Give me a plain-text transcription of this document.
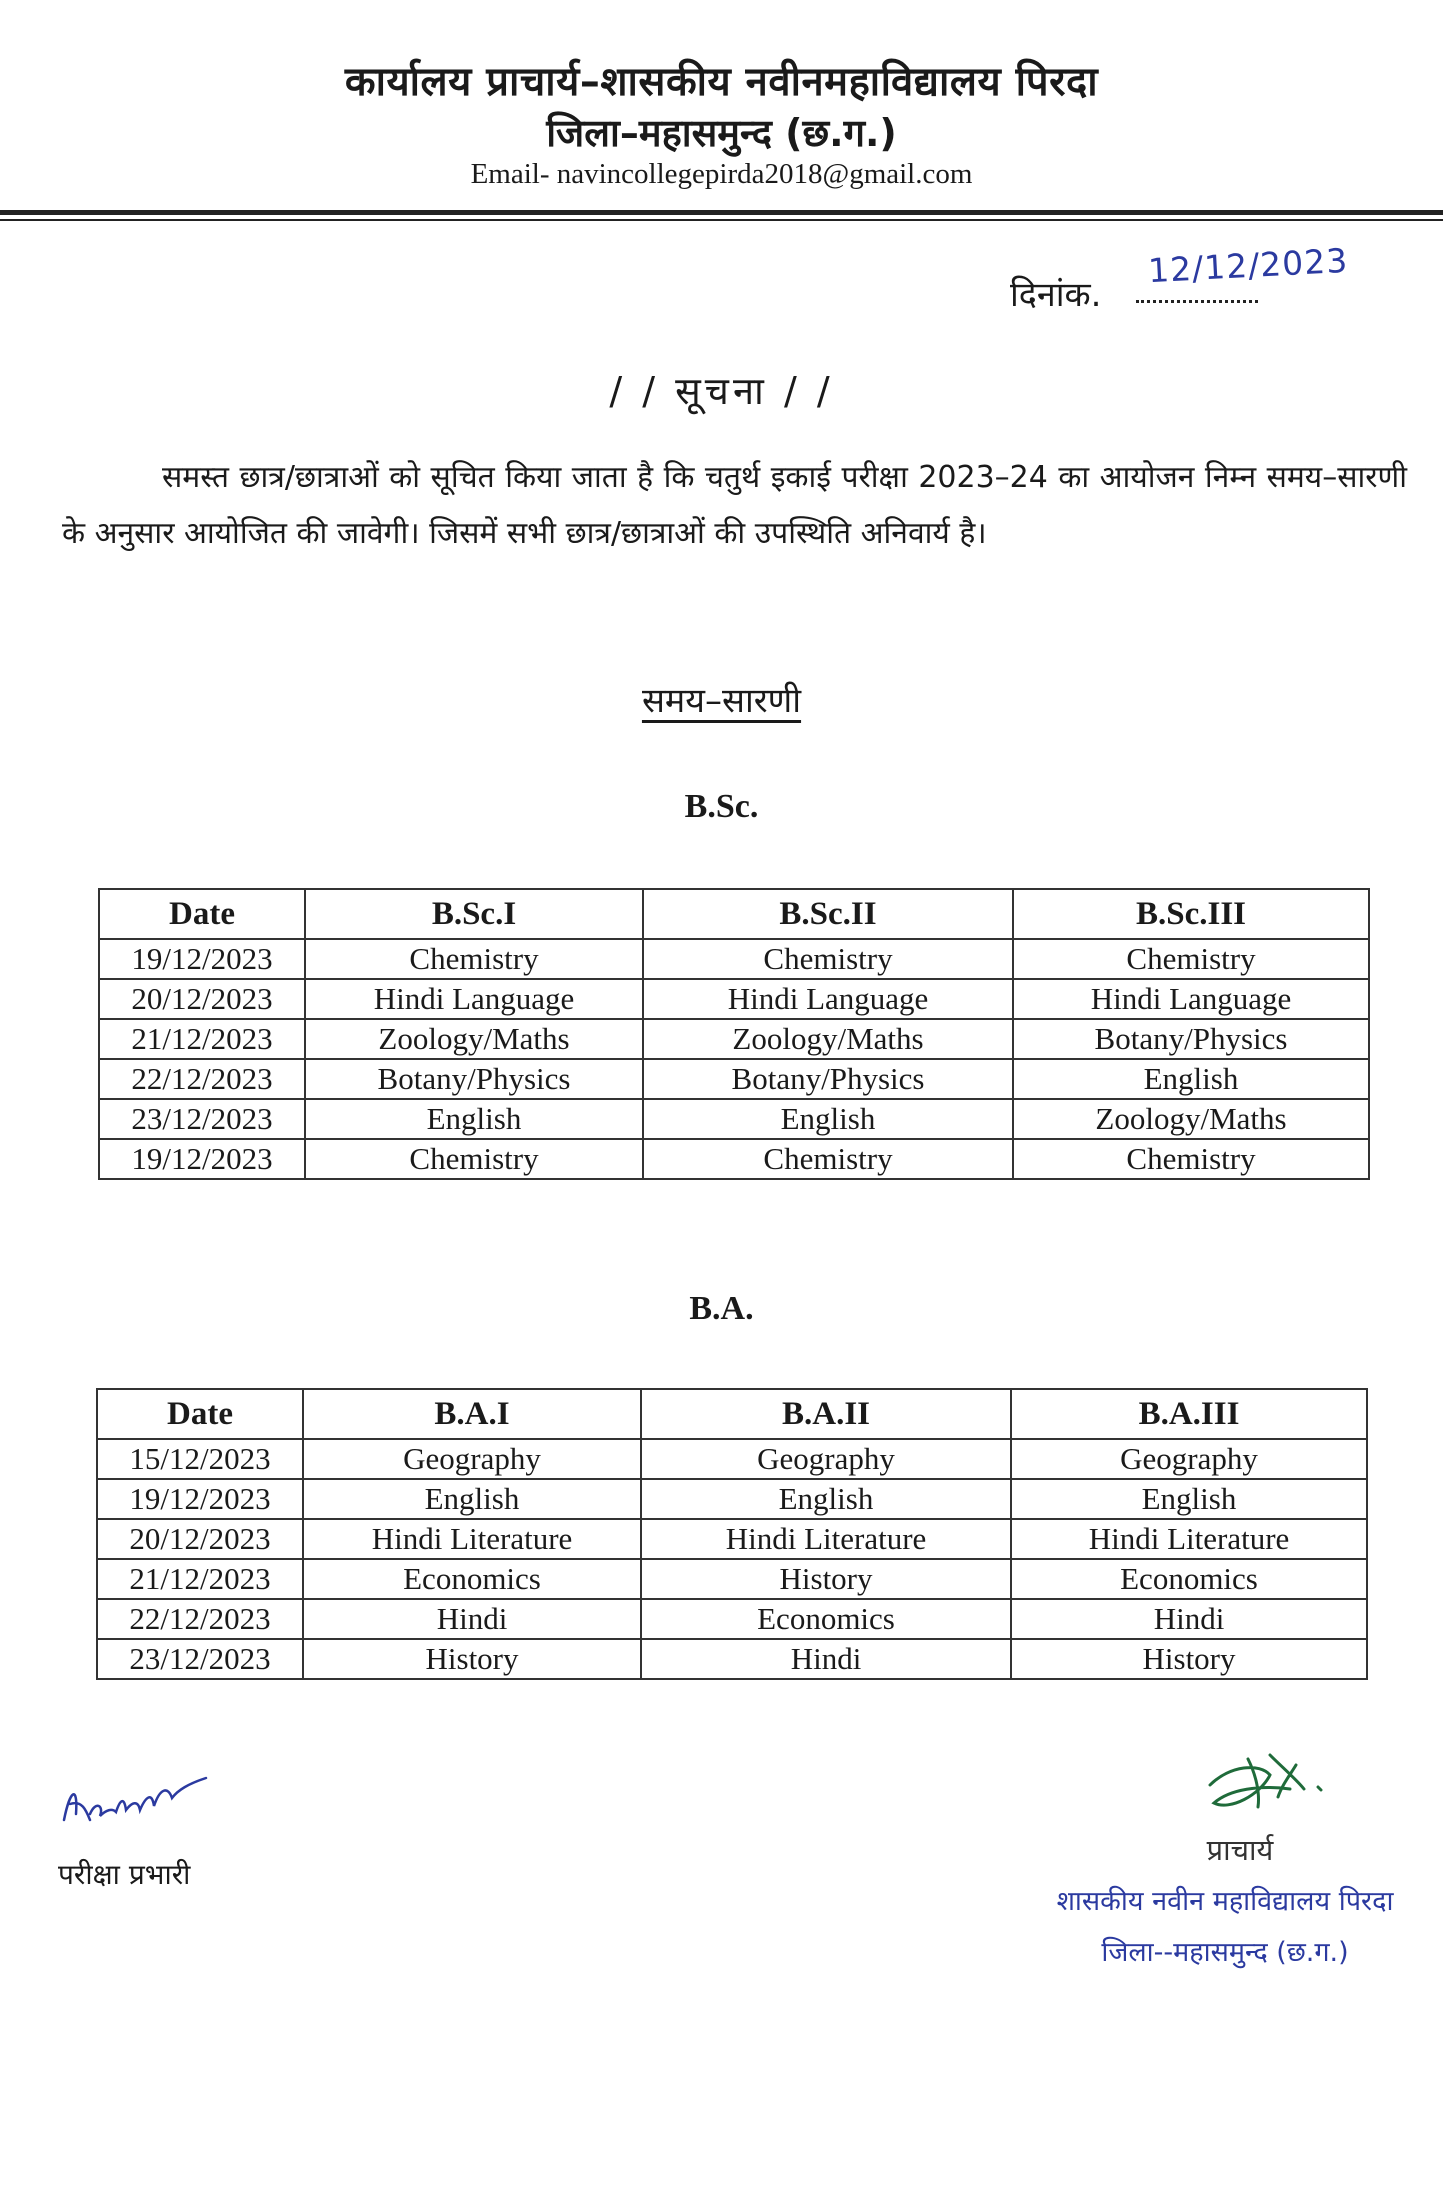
कार्यालय प्राचार्य–शासकीय नवीनमहाविद्यालय पिरदा
जिला–महासमुन्द (छ.ग.)
Email- navincollegepirda2018@gmail.com
दिनांक.
12/12/2023
/ / सूचना / /
समस्त छात्र/छात्राओं को सूचित किया जाता है कि चतुर्थ इकाई परीक्षा 2023–24 का आयोजन निम्न समय–सारणी के अनुसार आयोजित की जावेगी। जिसमें सभी छात्र/छात्राओं की उपस्थिति अनिवार्य है।
समय–सारणी
B.Sc.
Date	B.Sc.I	B.Sc.II	B.Sc.III
19/12/2023	Chemistry	Chemistry	Chemistry
20/12/2023	Hindi Language	Hindi Language	Hindi Language
21/12/2023	Zoology/Maths	Zoology/Maths	Botany/Physics
22/12/2023	Botany/Physics	Botany/Physics	English
23/12/2023	English	English	Zoology/Maths
19/12/2023	Chemistry	Chemistry	Chemistry
B.A.
Date	B.A.I	B.A.II	B.A.III
15/12/2023	Geography	Geography	Geography
19/12/2023	English	English	English
20/12/2023	Hindi Literature	Hindi Literature	Hindi Literature
21/12/2023	Economics	History	Economics
22/12/2023	Hindi	Economics	Hindi
23/12/2023	History	Hindi	History
परीक्षा प्रभारी
प्राचार्य
शासकीय नवीन महाविद्यालय पिरदा
जिला--महासमुन्द (छ.ग.)
